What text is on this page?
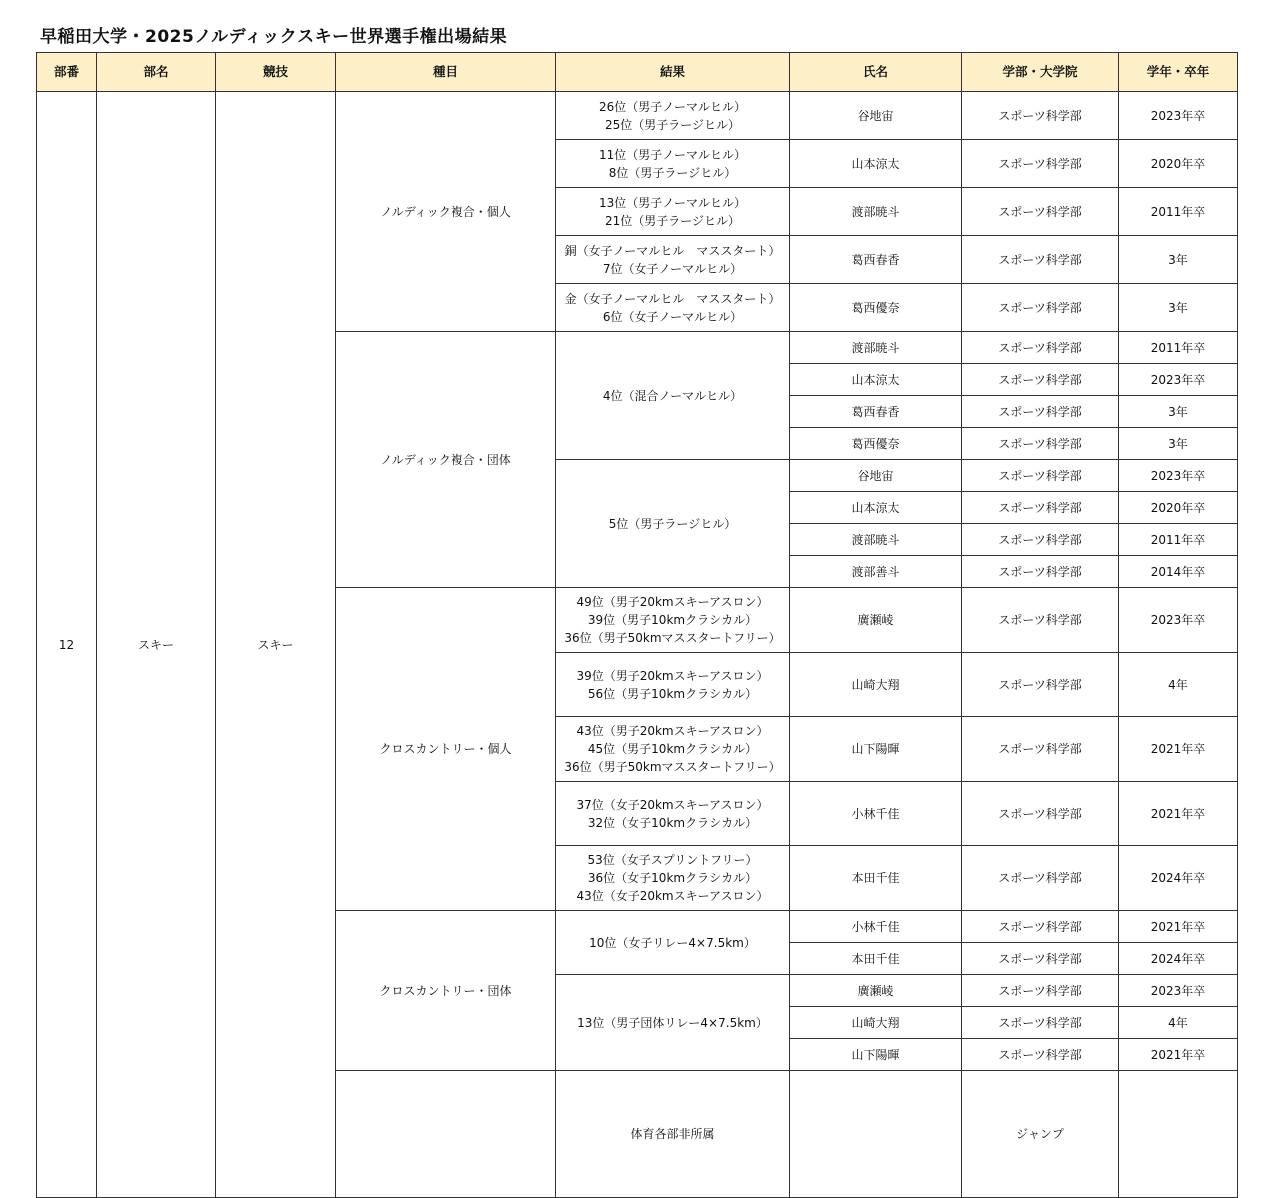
早稲田大学・2025ノルディックスキー世界選手権出場結果
部番	部名	競技	種目	結果	氏名	学部・大学院	学年・卒年	
12	スキー	スキー	ノルディック複合・個人	26位（男子ノーマルヒル）
25位（男子ラージヒル）	谷地宙	スポーツ科学部	2023年卒	

				11位（男子ノーマルヒル）
8位（男子ラージヒル）	山本涼太	スポーツ科学部	2020年卒	

				13位（男子ノーマルヒル）
21位（男子ラージヒル）	渡部暁斗	スポーツ科学部	2011年卒	

				銅（女子ノーマルヒル　マススタート）
7位（女子ノーマルヒル）	葛西春香	スポーツ科学部	3年	

				金（女子ノーマルヒル　マススタート）
6位（女子ノーマルヒル）	葛西優奈	スポーツ科学部	3年	
			ノルディック複合・団体	4位（混合ノーマルヒル）	渡部暁斗	スポーツ科学部	2011年卒	
					山本涼太	スポーツ科学部	2023年卒	
					葛西春香	スポーツ科学部	3年	
					葛西優奈	スポーツ科学部	3年	
				5位（男子ラージヒル）	谷地宙	スポーツ科学部	2023年卒	
					山本涼太	スポーツ科学部	2020年卒	
					渡部暁斗	スポーツ科学部	2011年卒	
					渡部善斗	スポーツ科学部	2014年卒	
			クロスカントリー・個人	49位（男子20kmスキーアスロン）
39位（男子10kmクラシカル）
36位（男子50kmマススタートフリー）	廣瀬崚	スポーツ科学部	2023年卒	

				39位（男子20kmスキーアスロン）
56位（男子10kmクラシカル）	山崎大翔	スポーツ科学部	4年	

				43位（男子20kmスキーアスロン）
45位（男子10kmクラシカル）
36位（男子50kmマススタートフリー）	山下陽暉	スポーツ科学部	2021年卒	

				37位（女子20kmスキーアスロン）
32位（女子10kmクラシカル）	小林千佳	スポーツ科学部	2021年卒	

				53位（女子スプリントフリー）
36位（女子10kmクラシカル）
43位（女子20kmスキーアスロン）	本田千佳	スポーツ科学部	2024年卒	
			クロスカントリー・団体	10位（女子リレー4×7.5km）	小林千佳	スポーツ科学部	2021年卒	
					本田千佳	スポーツ科学部	2024年卒	
				13位（男子団体リレー4×7.5km）	廣瀬崚	スポーツ科学部	2023年卒	
					山崎大翔	スポーツ科学部	4年	
					山下陽暉	スポーツ科学部	2021年卒	
				体育各部非所属		ジャンプ				
